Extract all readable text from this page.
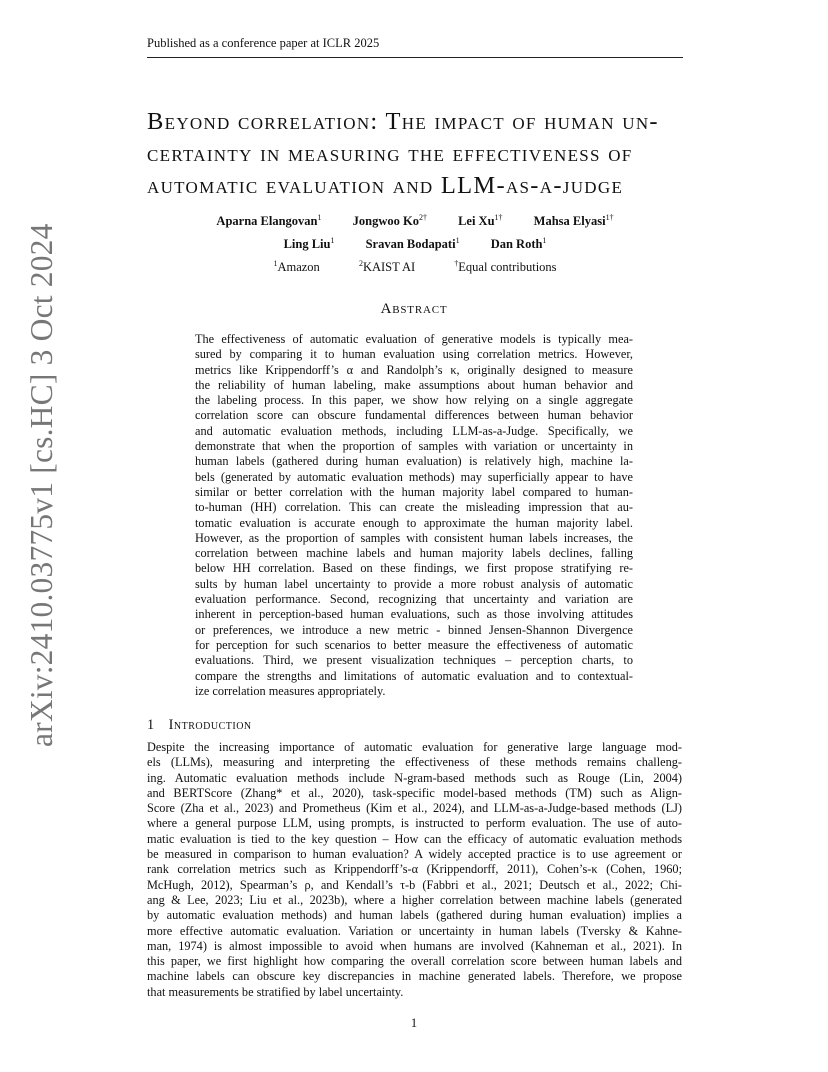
Published as a conference paper at ICLR 2025
arXiv:2410.03775v1 [cs.HC] 3 Oct 2024
Beyond correlation: The impact of human un-
certainty in measuring the effectiveness of
automatic evaluation and LLM-as-a-judge
Aparna Elangovan$^1$ Jongwoo $Ko^{2\dagger}$ Lei $Xu^{1\dagger}$ Mahsa Elyasi$^{1\dagger}$
Ling Liu$^1$ Sravan Bodapati$^1$ Dan Roth$^1$
$^1$Amazon	$^2$KAIST AI	†Equal contributions
Abstract
The effectiveness of automatic evaluation of generative models is typically mea-
sured by comparing it to human evaluation using correlation metrics. However,
metrics like Krippendorff’s α and Randolph’s κ, originally designed to measure
the reliability of human labeling, make assumptions about human behavior and
the labeling process. In this paper, we show how relying on a single aggregate
correlation score can obscure fundamental differences between human behavior
and automatic evaluation methods, including LLM-as-a-Judge. Specifically, we
demonstrate that when the proportion of samples with variation or uncertainty in
human labels (gathered during human evaluation) is relatively high, machine la-
bels (generated by automatic evaluation methods) may superficially appear to have
similar or better correlation with the human majority label compared to human-
to-human (HH) correlation. This can create the misleading impression that au-
tomatic evaluation is accurate enough to approximate the human majority label.
However, as the proportion of samples with consistent human labels increases, the
correlation between machine labels and human majority labels declines, falling
below HH correlation. Based on these findings, we first propose stratifying re-
sults by human label uncertainty to provide a more robust analysis of automatic
evaluation performance. Second, recognizing that uncertainty and variation are
inherent in perception-based human evaluations, such as those involving attitudes
or preferences, we introduce a new metric - binned Jensen-Shannon Divergence
for perception for such scenarios to better measure the effectiveness of automatic
evaluations. Third, we present visualization techniques – perception charts, to
compare the strengths and limitations of automatic evaluation and to contextual-
ize correlation measures appropriately.
1 Introduction
Despite the increasing importance of automatic evaluation for generative large language mod-
els (LLMs), measuring and interpreting the effectiveness of these methods remains challeng-
ing. Automatic evaluation methods include N-gram-based methods such as Rouge (Lin, 2004)
and BERTScore (Zhang* et al., 2020), task-specific model-based methods (TM) such as Align-
Score (Zha et al., 2023) and Prometheus (Kim et al., 2024), and LLM-as-a-Judge-based methods (LJ)
where a general purpose LLM, using prompts, is instructed to perform evaluation. The use of auto-
matic evaluation is tied to the key question – How can the efficacy of automatic evaluation methods
be measured in comparison to human evaluation? A widely accepted practice is to use agreement or
rank correlation metrics such as Krippendorff’s-α (Krippendorff, 2011), Cohen’s-κ (Cohen, 1960;
McHugh, 2012), Spearman’s ρ, and Kendall’s τ-b (Fabbri et al., 2021; Deutsch et al., 2022; Chi-
ang & Lee, 2023; Liu et al., 2023b), where a higher correlation between machine labels (generated
by automatic evaluation methods) and human labels (gathered during human evaluation) implies a
more effective automatic evaluation. Variation or uncertainty in human labels (Tversky & Kahne-
man, 1974) is almost impossible to avoid when humans are involved (Kahneman et al., 2021). In
this paper, we first highlight how comparing the overall correlation score between human labels and
machine labels can obscure key discrepancies in machine generated labels. Therefore, we propose
that measurements be stratified by label uncertainty.
1
